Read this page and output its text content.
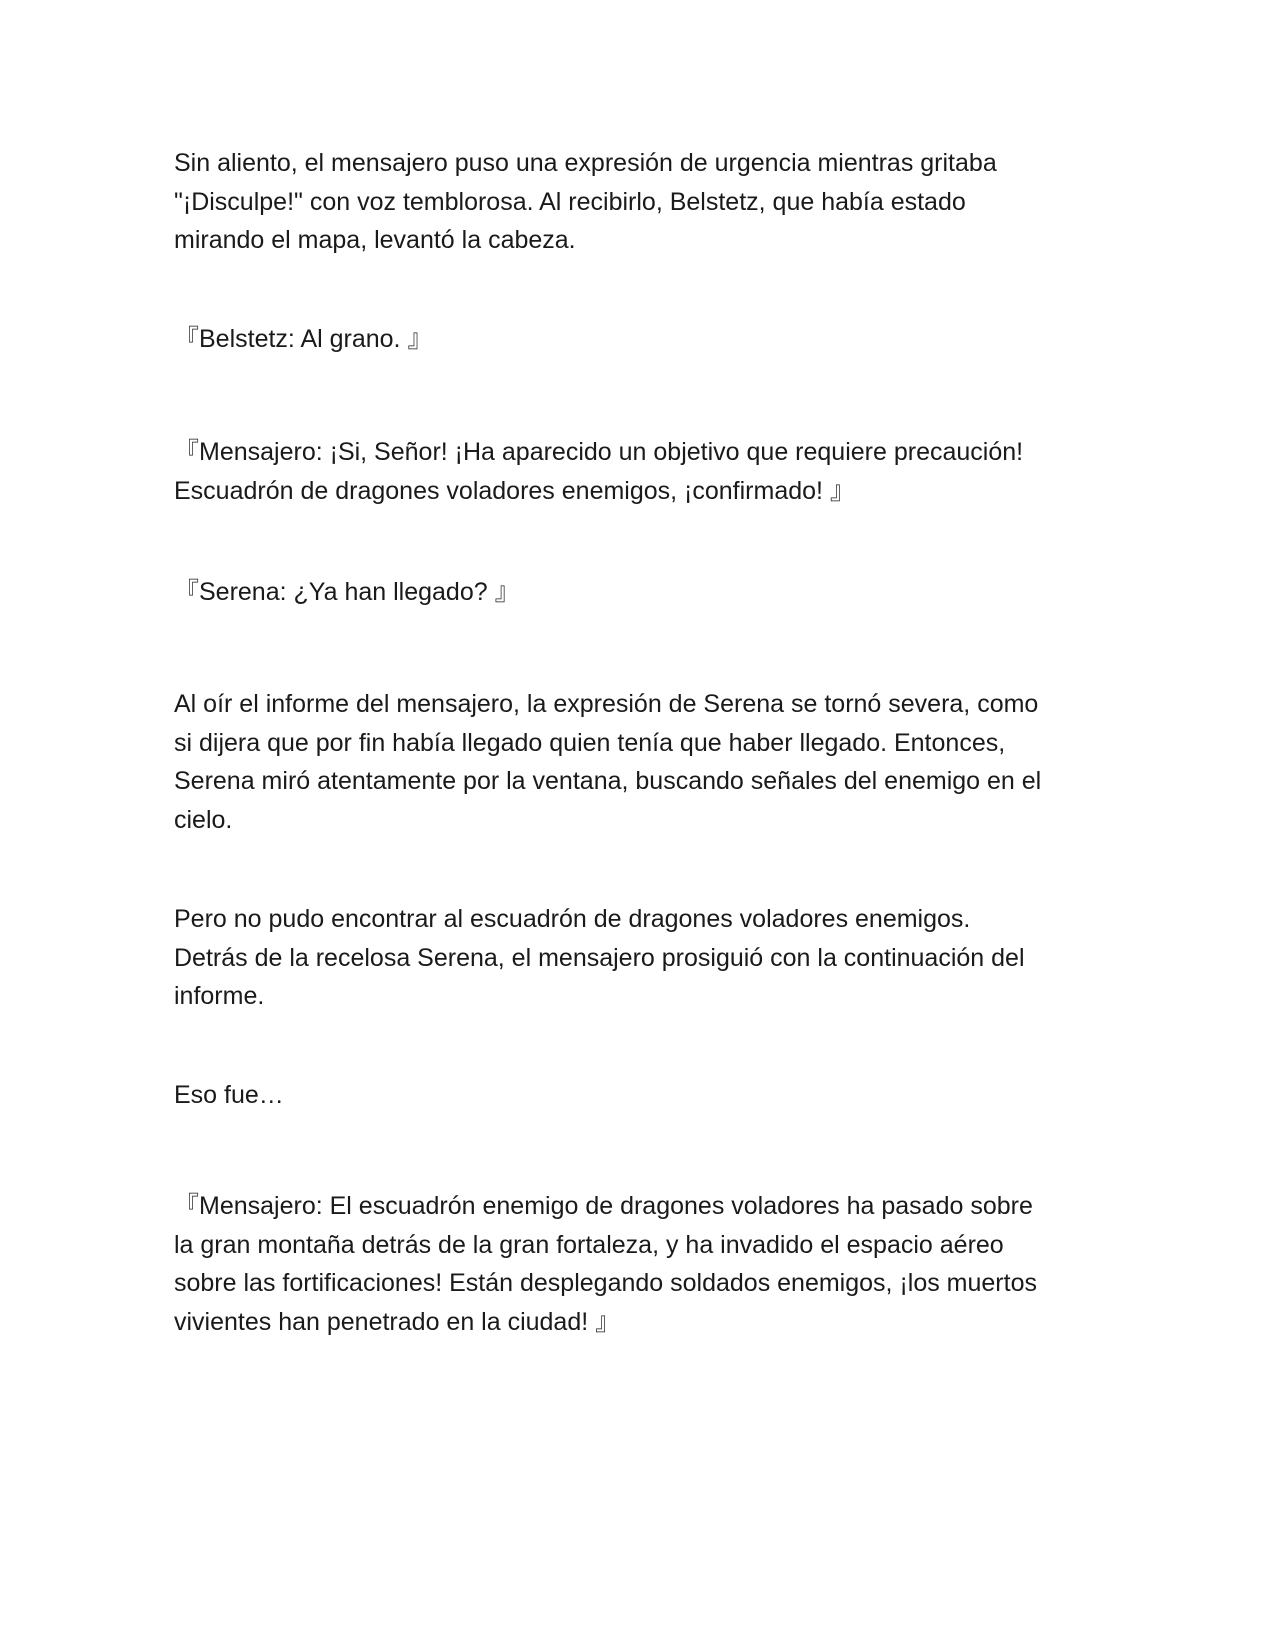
Sin aliento, el mensajero puso una expresión de urgencia mientras gritaba
"¡Disculpe!" con voz temblorosa. Al recibirlo, Belstetz, que había estado
mirando el mapa, levantó la cabeza.

『Belstetz: Al grano. 』

『Mensajero: ¡Si, Señor! ¡Ha aparecido un objetivo que requiere precaución!
Escuadrón de dragones voladores enemigos, ¡confirmado! 』

『Serena: ¿Ya han llegado? 』

Al oír el informe del mensajero, la expresión de Serena se tornó severa, como
si dijera que por fin había llegado quien tenía que haber llegado. Entonces,
Serena miró atentamente por la ventana, buscando señales del enemigo en el
cielo.

Pero no pudo encontrar al escuadrón de dragones voladores enemigos.
Detrás de la recelosa Serena, el mensajero prosiguió con la continuación del
informe.

Eso fue…

『Mensajero: El escuadrón enemigo de dragones voladores ha pasado sobre
la gran montaña detrás de la gran fortaleza, y ha invadido el espacio aéreo
sobre las fortificaciones! Están desplegando soldados enemigos, ¡los muertos
vivientes han penetrado en la ciudad! 』
